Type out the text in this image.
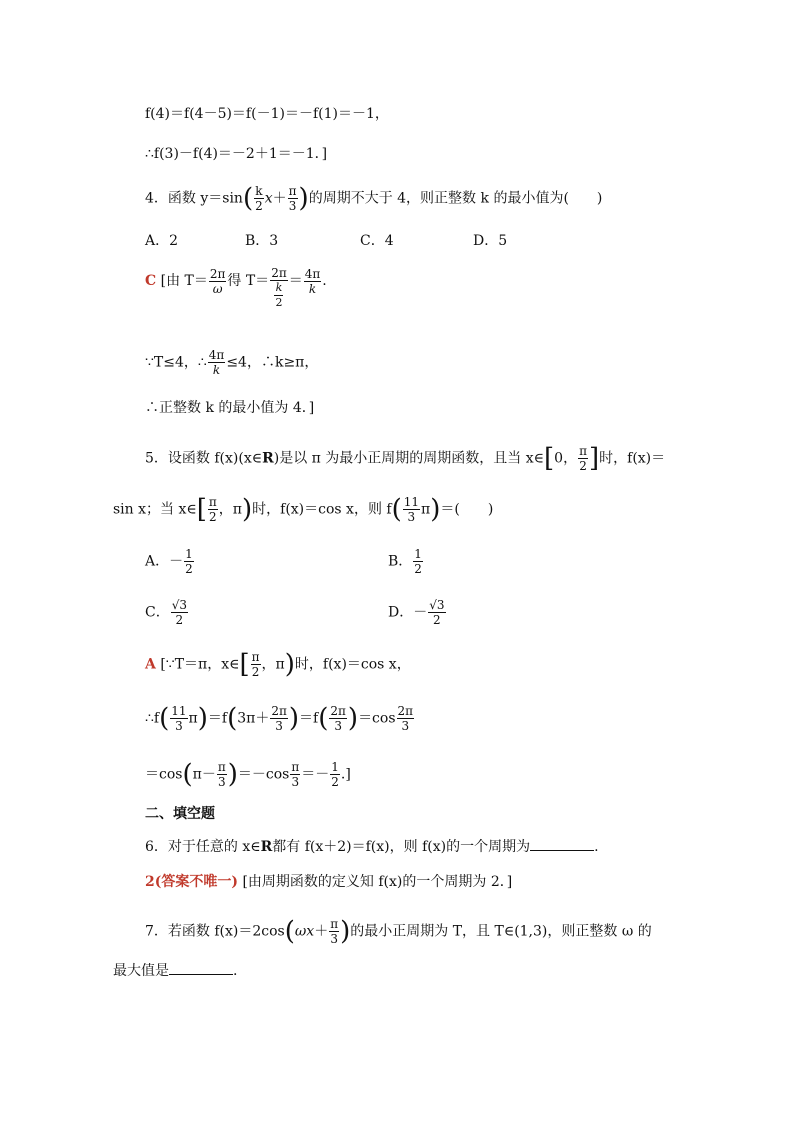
f(4)＝f(4－5)＝f(－1)＝－f(1)＝－1，
∴f(3)－f(4)＝－2＋1＝－1．]
4．函数 $y=\sin( \frac{k}{2} x+ \frac{\pi}{3}$ )的周期不大于 4，则正整数 k 的最小值为(　　)
A．2	B．3	C．4	D．5
C [由 $T= \frac{2\pi}{\omega}$ 得 $T= \frac{2\pi}{\frac{k}{2}} = \frac{4\pi}{k}$ .
∵T≤4，∴ $\frac{4\pi}{k} \le 4$，∴k≥π，
∴正整数 k 的最小值为 4．]
5．设函数 f(x)(x∈R)是以 π 为最小正周期的周期函数，且当 x∈[0， $\frac{\pi}{2}$ ]时，f(x)＝
sin x；当 x∈[ $\frac{\pi}{2}$ ，π)时，f(x)＝cos x，则 $f( \frac{11}{3} \pi)=$(　　)
A．－ $\frac{1}{2}$	B． $\frac{1}{2}$
C． $\frac{√3}{2}$	D．－ $\frac{√3}{2}$
A [∵T＝π，x∈[ $\frac{\pi}{2}$ ，π)时，f(x)＝cos x，
∴f( $\frac{11}{3} \pi)=f(3\pi+ \frac{2\pi}{3} )=f( \frac{2\pi}{3} )=\cos \frac{2\pi}{3}$
$=\cos(\pi- \frac{\pi}{3} )=-\cos \frac{\pi}{3} =- \frac{1}{2}$ .]
二、填空题
6．对于任意的 x∈R都有 f(x＋2)＝f(x)，则 f(x)的一个周期为	.
2(答案不唯一) [由周期函数的定义知 f(x)的一个周期为 2．]
7．若函数 $f(x)=2\cos(\omega x+ \frac{\pi}{3}$ )的最小正周期为 T，且 T∈(1,3)，则正整数 ω 的
最大值是	.
